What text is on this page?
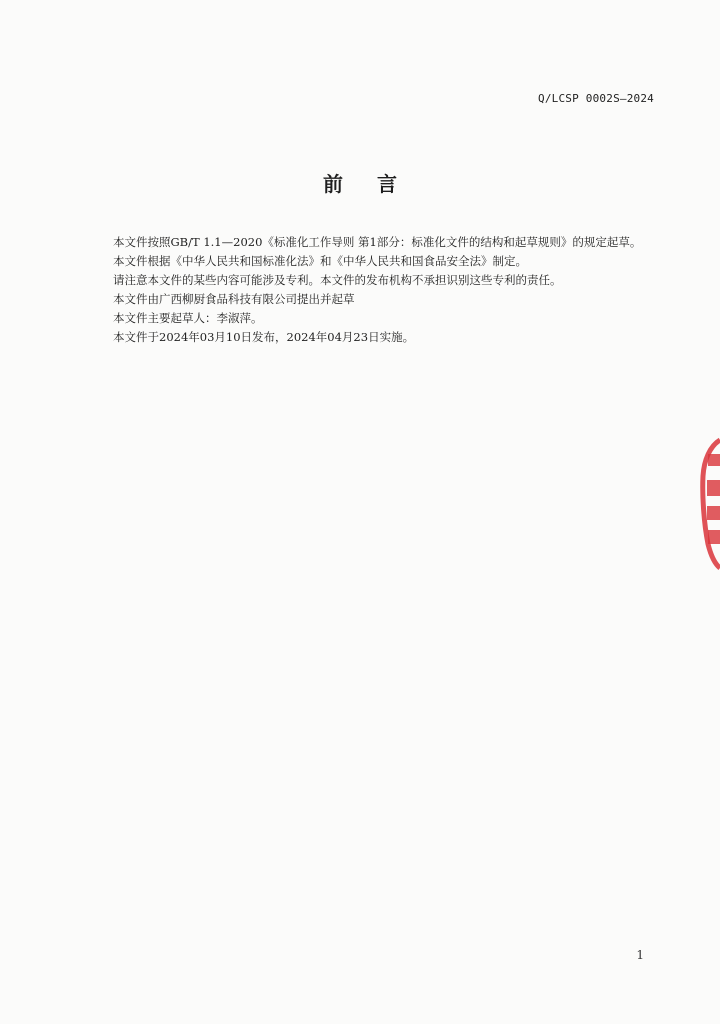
Q/LCSP 0002S—2024
前 言

本文件按照GB/T 1.1—2020《标准化工作导则 第1部分：标准化文件的结构和起草规则》的规定起草。

本文件根据《中华人民共和国标准化法》和《中华人民共和国食品安全法》制定。

请注意本文件的某些内容可能涉及专利。本文件的发布机构不承担识别这些专利的责任。

本文件由广西柳厨食品科技有限公司提出并起草

本文件主要起草人：李淑萍。

本文件于2024年03月10日发布，2024年04月23日实施。

1
